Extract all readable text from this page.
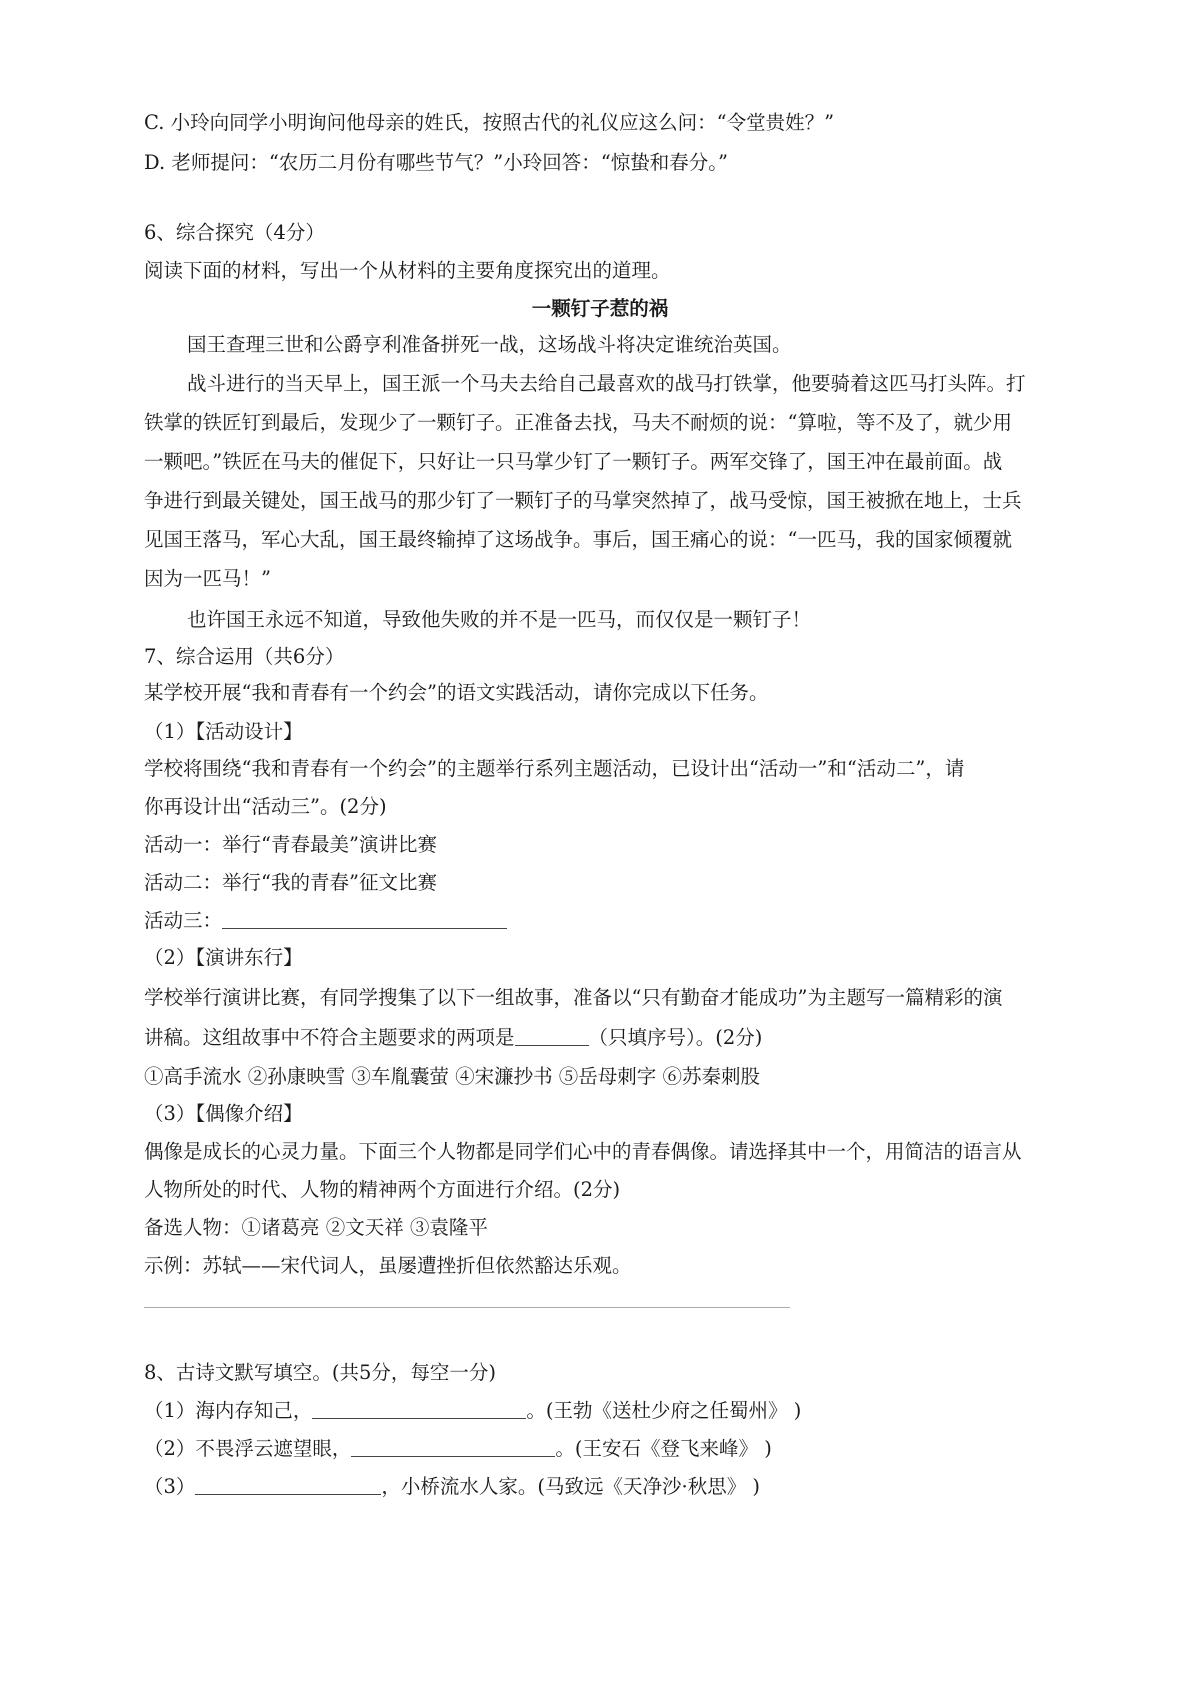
C. 小玲向同学小明询问他母亲的姓氏，按照古代的礼仪应这么问：“令堂贵姓？”
D. 老师提问：“农历二月份有哪些节气？”小玲回答：“惊蛰和春分。”
6、综合探究（4分）
阅读下面的材料，写出一个从材料的主要角度探究出的道理。
一颗钉子惹的祸
国王查理三世和公爵亨利准备拼死一战，这场战斗将决定谁统治英国。
战斗进行的当天早上，国王派一个马夫去给自己最喜欢的战马打铁掌，他要骑着这匹马打头阵。打
铁掌的铁匠钉到最后，发现少了一颗钉子。正准备去找，马夫不耐烦的说：“算啦，等不及了，就少用
一颗吧。”铁匠在马夫的催促下，只好让一只马掌少钉了一颗钉子。两军交锋了，国王冲在最前面。战
争进行到最关键处，国王战马的那少钉了一颗钉子的马掌突然掉了，战马受惊，国王被掀在地上，士兵
见国王落马，军心大乱，国王最终输掉了这场战争。事后，国王痛心的说：“一匹马，我的国家倾覆就
因为一匹马！”
也许国王永远不知道，导致他失败的并不是一匹马，而仅仅是一颗钉子！
7、综合运用（共6分）
某学校开展“我和青春有一个约会”的语文实践活动，请你完成以下任务。
（1）【活动设计】
学校将围绕“我和青春有一个约会”的主题举行系列主题活动，已设计出“活动一”和“活动二”，请
你再设计出“活动三”。(2分)
活动一：举行“青春最美”演讲比赛
活动二：举行“我的青春”征文比赛
活动三：
（2）【演讲东行】
学校举行演讲比赛，有同学搜集了以下一组故事，准备以“只有勤奋才能成功”为主题写一篇精彩的演
讲稿。这组故事中不符合主题要求的两项是	（只填序号）。(2分)
①高手流水 ②孙康映雪 ③车胤囊萤 ④宋濂抄书 ⑤岳母刺字 ⑥苏秦刺股
（3）【偶像介绍】
偶像是成长的心灵力量。下面三个人物都是同学们心中的青春偶像。请选择其中一个，用简洁的语言从
人物所处的时代、人物的精神两个方面进行介绍。(2分)
备选人物：①诸葛亮 ②文天祥 ③袁隆平
示例：苏轼——宋代词人，虽屡遭挫折但依然豁达乐观。
8、古诗文默写填空。(共5分，每空一分)
（1）海内存知己，	。(王勃《送杜少府之任蜀州》 )
（2）不畏浮云遮望眼，	。(王安石《登飞来峰》 )
（3）	，小桥流水人家。(马致远《天净沙·秋思》 )
